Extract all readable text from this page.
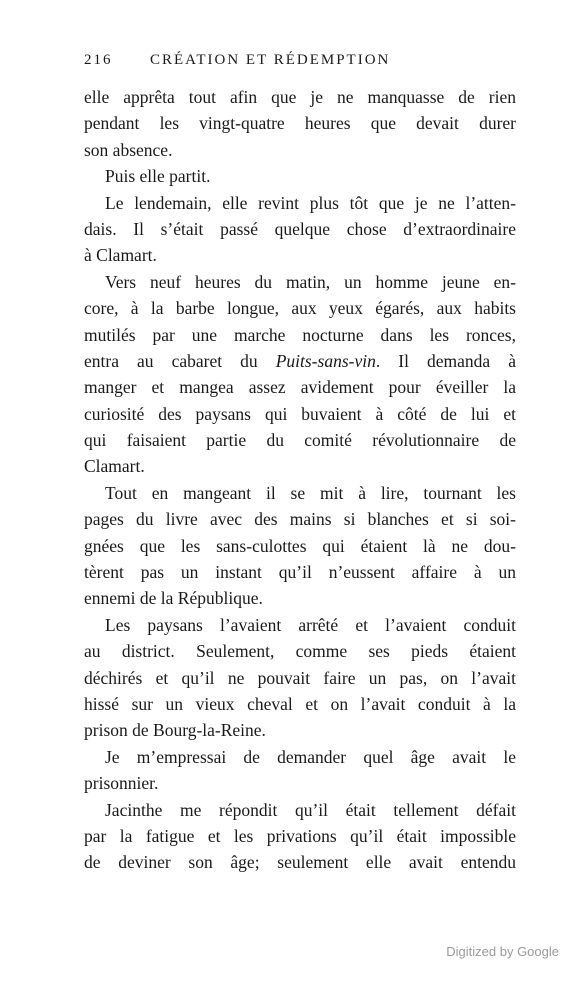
216	CRÉATION ET RÉDEMPTION
elle apprêta tout afin que je ne manquasse de rien
pendant les vingt-quatre heures que devait durer
son absence.
Puis elle partit.
Le lendemain, elle revint plus tôt que je ne l’atten-
dais. Il s’était passé quelque chose d’extraordinaire
à Clamart.
Vers neuf heures du matin, un homme jeune en-
core, à la barbe longue, aux yeux égarés, aux habits
mutilés par une marche nocturne dans les ronces,
entra au cabaret du Puits-sans-vin. Il demanda à
manger et mangea assez avidement pour éveiller la
curiosité des paysans qui buvaient à côté de lui et
qui faisaient partie du comité révolutionnaire de
Clamart.
Tout en mangeant il se mit à lire, tournant les
pages du livre avec des mains si blanches et si soi-
gnées que les sans-culottes qui étaient là ne dou-
tèrent pas un instant qu’il n’eussent affaire à un
ennemi de la République.
Les paysans l’avaient arrêté et l’avaient conduit
au district. Seulement, comme ses pieds étaient
déchirés et qu’il ne pouvait faire un pas, on l’avait
hissé sur un vieux cheval et on l’avait conduit à la
prison de Bourg-la-Reine.
Je m’empressai de demander quel âge avait le
prisonnier.
Jacinthe me répondit qu’il était tellement défait
par la fatigue et les privations qu’il était impossible
de deviner son âge; seulement elle avait entendu
Digitized by Google
